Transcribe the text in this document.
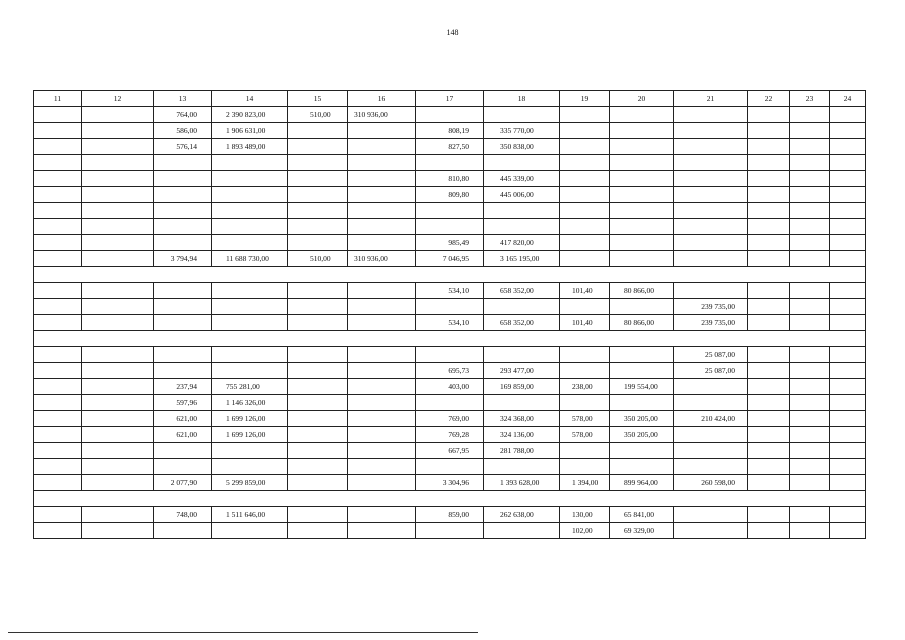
148
11	12	13	14	15	16	17	18	19	20	21	22	23	24
		764,00	2 390 823,00	510,00	310 936,00								
		586,00	1 906 631,00			808,19	335 770,00						
		576,14	1 893 489,00			827,50	350 838,00						

						810,80	445 339,00						
						809,80	445 006,00						

						985,49	417 820,00						
		3 794,94	11 688 730,00	510,00	310 936,00	7 046,95	3 165 195,00						

						534,10	658 352,00	101,40	80 866,00				
										239 735,00			
						534,10	658 352,00	101,40	80 866,00	239 735,00			

										25 087,00			
						695,73	293 477,00			25 087,00			
		237,94	755 281,00			403,00	169 859,00	238,00	199 554,00				
		597,96	1 146 326,00										
		621,00	1 699 126,00			769,00	324 368,00	578,00	350 205,00	210 424,00			
		621,00	1 699 126,00			769,28	324 136,00	578,00	350 205,00				
						667,95	281 788,00						

		2 077,90	5 299 859,00			3 304,96	1 393 628,00	1 394,00	899 964,00	260 598,00			

		748,00	1 511 646,00			859,00	262 638,00	130,00	65 841,00				
								102,00	69 329,00				
